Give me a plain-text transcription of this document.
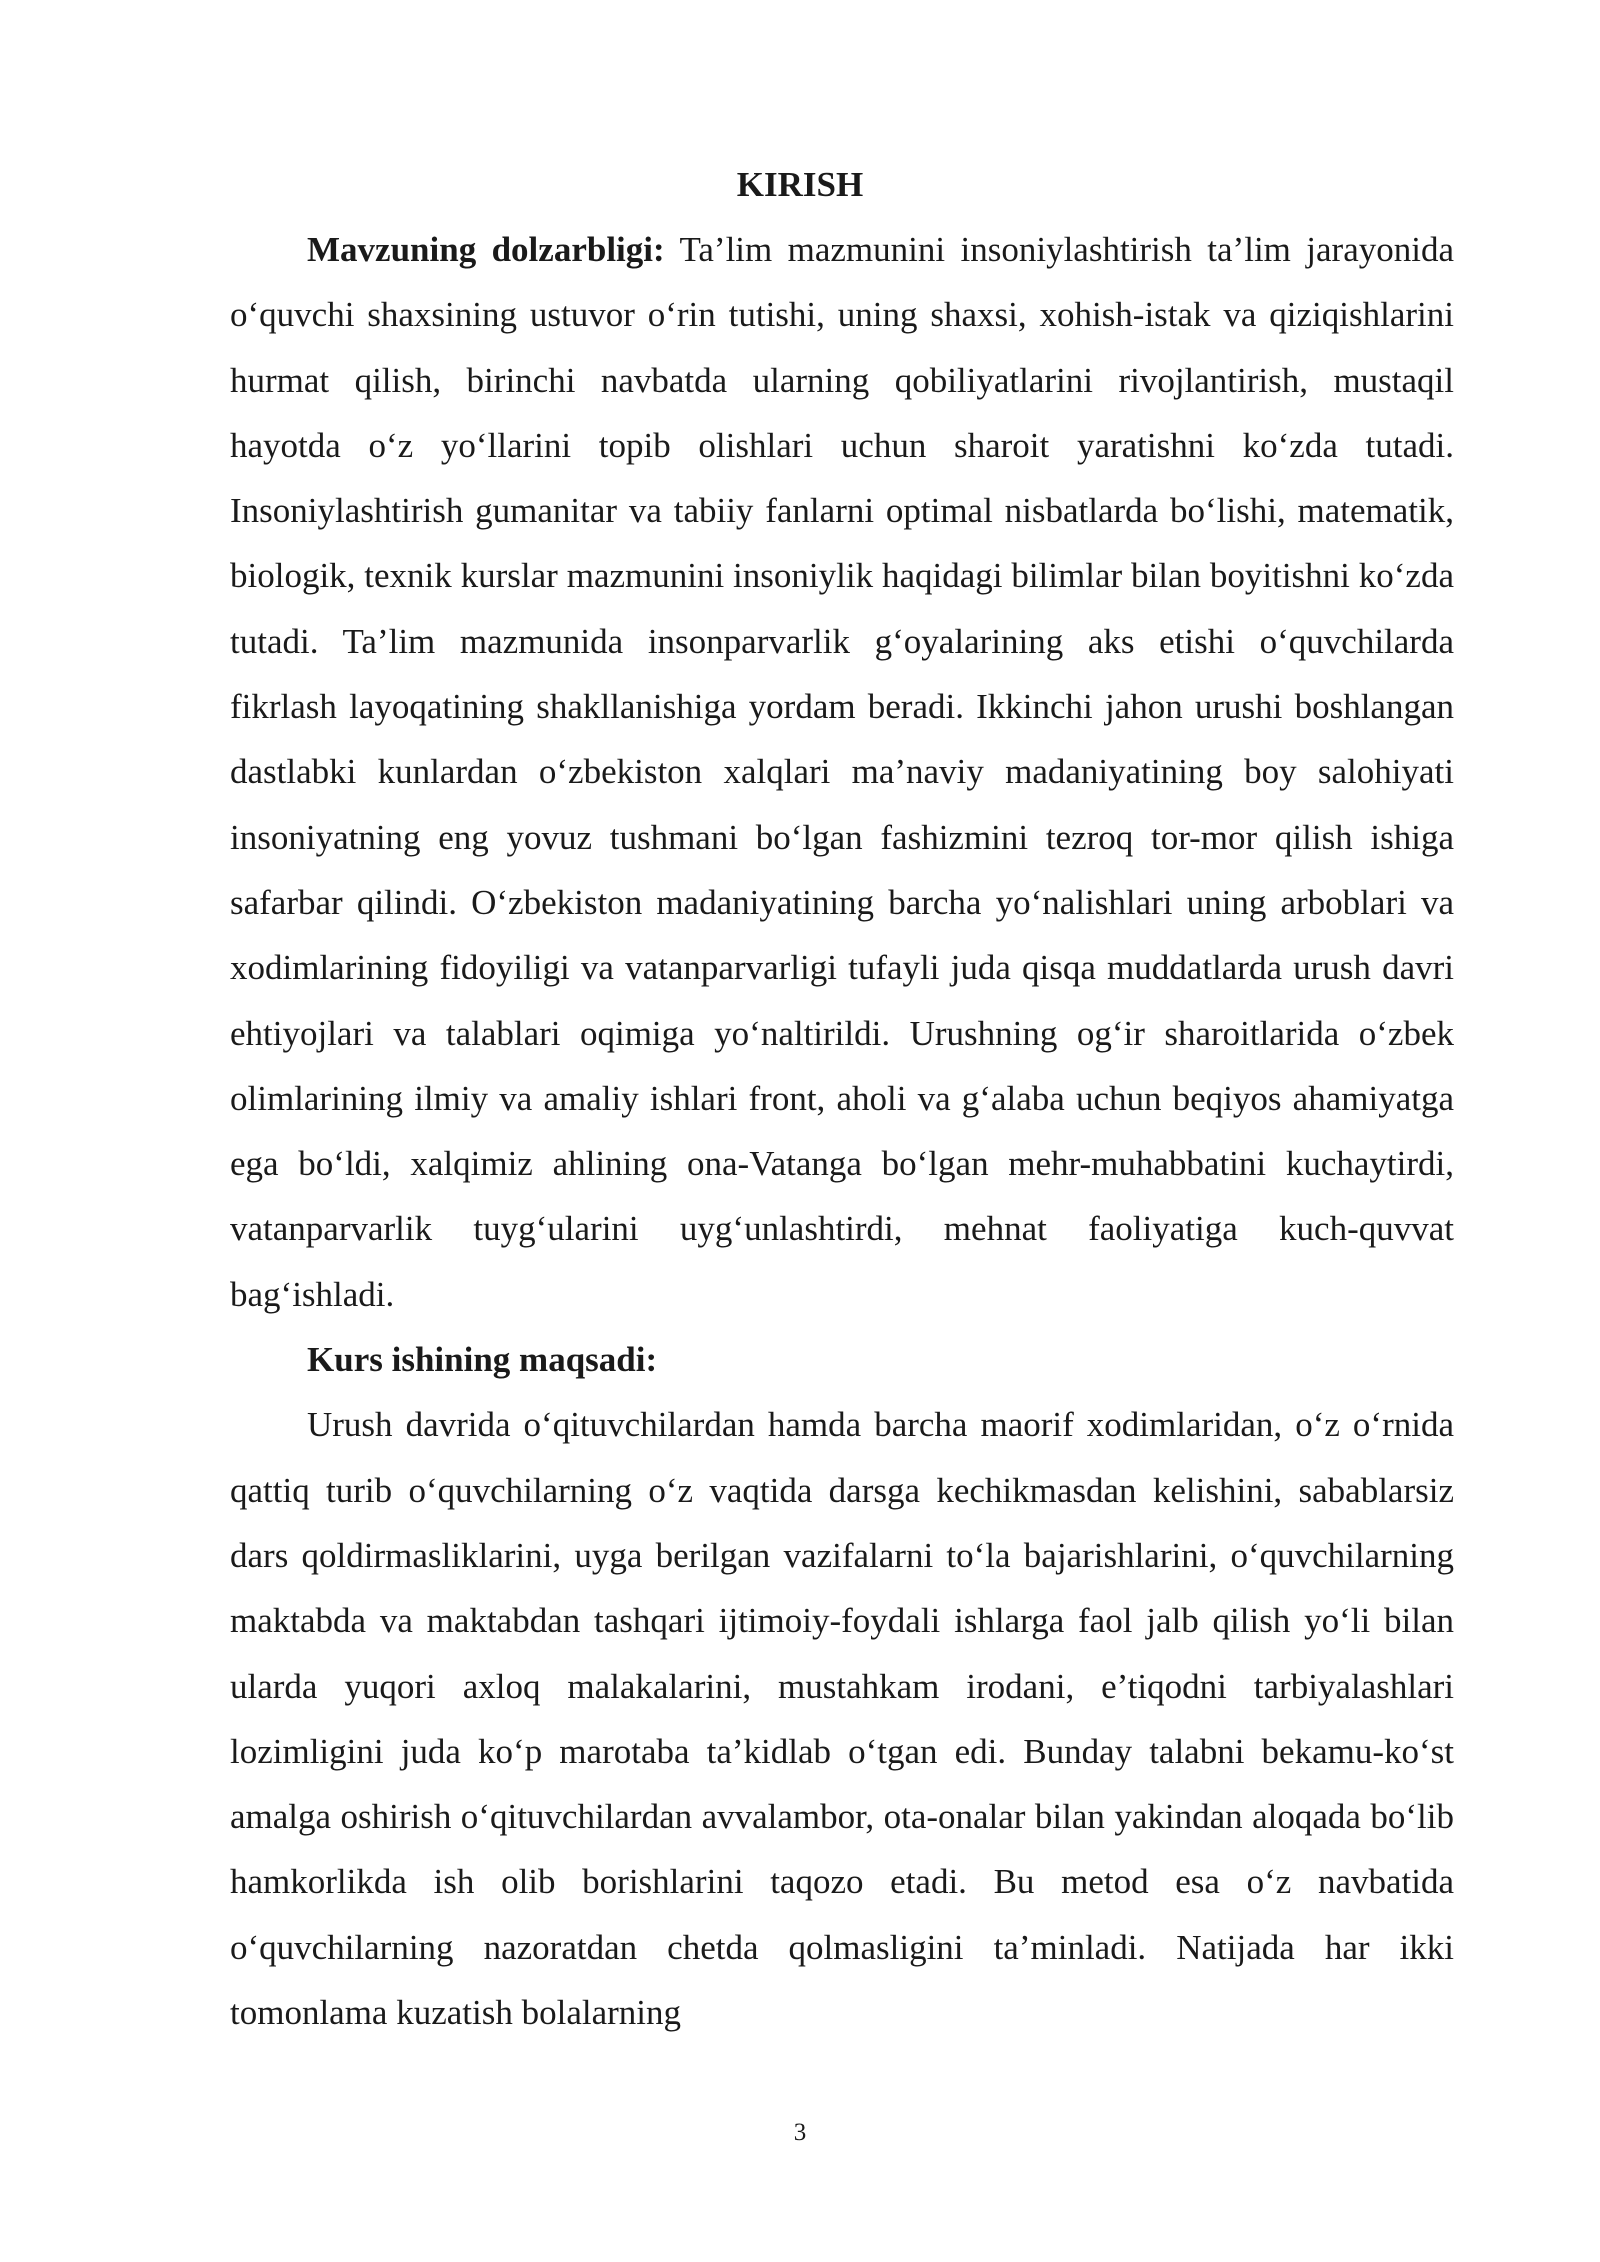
KIRISH

Mavzuning dolzarbligi: Ta’lim mazmunini insoniylashtirish ta’lim jarayonida o‘quvchi shaxsining ustuvor o‘rin tutishi, uning shaxsi, xohish-istak va qiziqishlarini hurmat qilish, birinchi navbatda ularning qobiliyatlarini rivojlantirish, mustaqil hayotda o‘z yo‘llarini topib olishlari uchun sharoit yaratishni ko‘zda tutadi. Insoniylashtirish gumanitar va tabiiy fanlarni optimal nisbatlarda bo‘lishi, matematik, biologik, texnik kurslar mazmunini insoniylik haqidagi bilimlar bilan boyitishni ko‘zda tutadi. Ta’lim mazmunida insonparvarlik g‘oyalarining aks etishi o‘quvchilarda fikrlash layoqatining shakllanishiga yordam beradi. Ikkinchi jahon urushi boshlangan dastlabki kunlardan o‘zbekiston xalqlari ma’naviy madaniyatining boy salohiyati insoniyatning eng yovuz tushmani bo‘lgan fashizmini tezroq tor-mor qilish ishiga safarbar qilindi. O‘zbekiston madaniyatining barcha yo‘nalishlari uning arboblari va xodimlarining fidoyiligi va vatanparvarligi tufayli juda qisqa muddatlarda urush davri ehtiyojlari va talablari oqimiga yo‘naltirildi. Urushning og‘ir sharoitlarida o‘zbek olimlarining ilmiy va amaliy ishlari front, aholi va g‘alaba uchun beqiyos ahamiyatga ega bo‘ldi, xalqimiz ahlining ona-Vatanga bo‘lgan mehr-muhabbatini kuchaytirdi, vatanparvarlik tuyg‘ularini uyg‘unlashtirdi, mehnat faoliyatiga kuch-quvvat bag‘ishladi.

Kurs ishining maqsadi:

Urush davrida o‘qituvchilardan hamda barcha maorif xodimlaridan, o‘z o‘rnida qattiq turib o‘quvchilarning o‘z vaqtida darsga kechikmasdan kelishini, sabablarsiz dars qoldirmasliklarini, uyga berilgan vazifalarni to‘la bajarishlarini, o‘quvchilarning maktabda va maktabdan tashqari ijtimoiy-foydali ishlarga faol jalb qilish yo‘li bilan ularda yuqori axloq malakalarini, mustahkam irodani, e’tiqodni tarbiyalashlari lozimligini juda ko‘p marotaba ta’kidlab o‘tgan edi. Bunday talabni bekamu-ko‘st amalga oshirish o‘qituvchilardan avvalambor, ota-onalar bilan yakindan aloqada bo‘lib hamkorlikda ish olib borishlarini taqozo etadi. Bu metod esa o‘z navbatida o‘quvchilarning nazoratdan chetda qolmasligini ta’minladi. Natijada har ikki tomonlama kuzatish bolalarning

3
